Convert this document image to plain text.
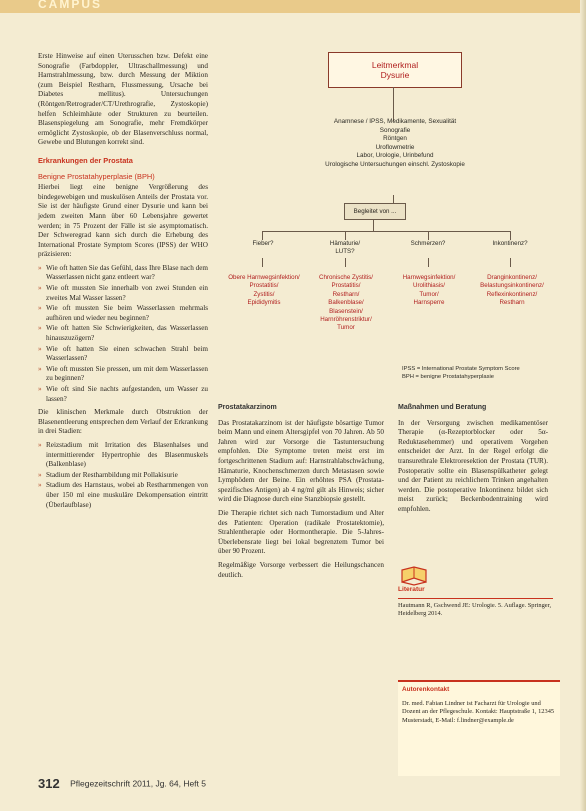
CAMPUS

Erste Hinweise auf einen Uterusschen bzw. Defekt eine Sonografie (Farbdoppler, Ultraschallmessung) und Harnstrahlmessung, bzw. durch Messung der Miktion (zum Beispiel Restharn, Flussmessung, Ursache bei Diabetes mellitus). Untersuchungen (Röntgen/Retrograder/CT/Urethrografie, Zystoskopie) helfen Schleimhäute oder Strukturen zu beurteilen. Blasenspiegelung am Sonografie, mehr Fremdkörper ermöglicht Zystoskopie, ob der Blasenverschluss normal, Gewebe und Blutungen korrekt sind.

Erkrankungen der Prostata
Benigne Prostatahyperplasie (BPH)

Hierbei liegt eine benigne Vergrößerung des bindegewebigen und muskulösen Anteils der Prostata vor. Sie ist der häufigste Grund einer Dysurie und kann bei jedem zweiten Mann über 60 Lebensjahre gewertet werden; in 75 Prozent der Fälle ist sie asymptomatisch. Der Schweregrad kann sich durch die Erhebung des International Prostate Symptom Scores (IPSS) der WHO präzisieren:

» Wie oft hatten Sie das Gefühl, dass Ihre Blase nach dem Wasserlassen nicht ganz entleert war?
» Wie oft mussten Sie innerhalb von zwei Stunden ein zweites Mal Wasser lassen?
» Wie oft mussten Sie beim Wasserlassen mehrmals aufhören und wieder neu beginnen?
» Wie oft hatten Sie Schwierigkeiten, das Wasserlassen hinauszuzögern?
» Wie oft hatten Sie einen schwachen Strahl beim Wasserlassen?
» Wie oft mussten Sie pressen, um mit dem Wasserlassen zu beginnen?
» Wie oft sind Sie nachts aufgestanden, um Wasser zu lassen?

Die klinischen Merkmale durch Obstruktion der Blasenentleerung entsprechen dem Verlauf der Erkrankung in drei Stadien:

» Reizstadium mit Irritation des Blasenhalses und intermittierender Hypertrophie des Blasenmuskels (Balkenblase)
» Stadium der Restharnbildung mit Pollakisurie
» Stadium des Harnstaus, wobei ab Restharnmengen von über 150 ml eine muskuläre Dekompensation eintritt (Überlaufblase)
Leitmerkmal
Dysurie
Anamnese / IPSS, Medikamente, Sexualität
Sonografie
Röntgen
Uroflowmetrie
Labor, Urologie, Urinbefund
Urologische Untersuchungen einschl. Zystoskopie
Begleitet von ...
Fieber?	Hämaturie/ LUTS?
Schmerzen?	Inkontinenz?
Obere Harnwegsinfektion/
Prostatitis/
Zystitis/
Epididymitis
Chronische Zystitis/
Prostatitis/
Restharn/
Balkenblase/
Blasenstein/
Harnröhrenstriktur/
Tumor
Harnwegsinfektion/
Urolithiasis/
Tumor/
Harnsperre
Dranginkontinenz/
Belastungsinkontinenz/
Reflexinkontinenz/
Restharn
IPSS = International Prostate Symptom Score
BPH = benigne Prostatahyperplasie
Prostatakarzinom

Das Prostatakarzinom ist der häufigste bösartige Tumor beim Mann und einem Altersgipfel von 70 Jahren. Ab 50 Jahren wird zur Vorsorge die Tastuntersuchung empfohlen. Die Symptome treten meist erst im fortgeschrittenen Stadium auf: Harnstrahlabschwächung, Hämaturie, Knochenschmerzen durch Metastasen sowie Lymphödem der Beine. Ein erhöhtes PSA (Prostata-spezifisches Antigen) ab 4 ng/ml gilt als Hinweis; sicher wird die Diagnose durch eine Stanzbiopsie gestellt.

Die Therapie richtet sich nach Tumorstadium und Alter des Patienten: Operation (radikale Prostatektomie), Strahlentherapie oder Hormontherapie. Die 5-Jahres-Überlebensrate liegt bei lokal begrenztem Tumor bei über 90 Prozent.

Regelmäßige Vorsorge verbessert die Heilungschancen deutlich.

Maßnahmen und Beratung

In der Versorgung zwischen medikamentöser Therapie (α-Rezeptorblocker oder 5α-Reduktasehemmer) und operativem Vorgehen entscheidet der Arzt. In der Regel erfolgt die transurethrale Elektroresektion der Prostata (TUR). Postoperativ sollte ein Blasenspülkatheter gelegt und der Patient zu reichlichem Trinken angehalten werden. Die postoperative Inkontinenz bildet sich meist zurück; Beckenbodentraining wird empfohlen.

Literatur
Hautmann R, Gschwend JE: Urologie. 5. Auflage. Springer, Heidelberg 2014.
Autorenkontakt
Dr. med. Fabian Lindner ist Facharzt für Urologie und Dozent an der Pflegeschule. Kontakt: Hauptstraße 1, 12345 Musterstadt, E-Mail: f.lindner@example.de
312 Pflegezeitschrift 2011, Jg. 64, Heft 5
